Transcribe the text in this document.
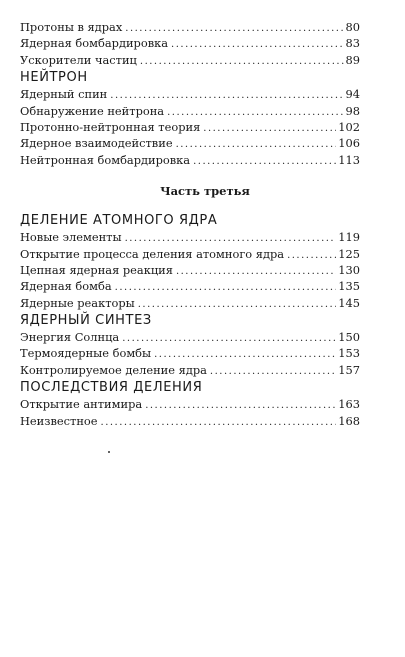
Протоны в ядрах .....	80
Ядерная бомбардировка .....	83
Ускорители частиц .....	89
НЕЙТРОН
Ядерный спин .....	94
Обнаружение нейтрона .....	98
Протонно-нейтронная теория .....	102
Ядерное взаимодействие .....	106
Нейтронная бомбардировка .....	113
Часть третья
ДЕЛЕНИЕ АТОМНОГО ЯДРА
Новые элементы .....	119
Открытие процесса деления атомного ядра .....	125
Цепная ядерная реакция .....	130
Ядерная бомба .....	135
Ядерные реакторы .....	145
ЯДЕРНЫЙ СИНТЕЗ
Энергия Солнца .....	150
Термоядерные бомбы .....	153
Контролируемое деление ядра .....	157
ПОСЛЕДСТВИЯ ДЕЛЕНИЯ
Открытие антимира .....	163
Неизвестное .....	168
